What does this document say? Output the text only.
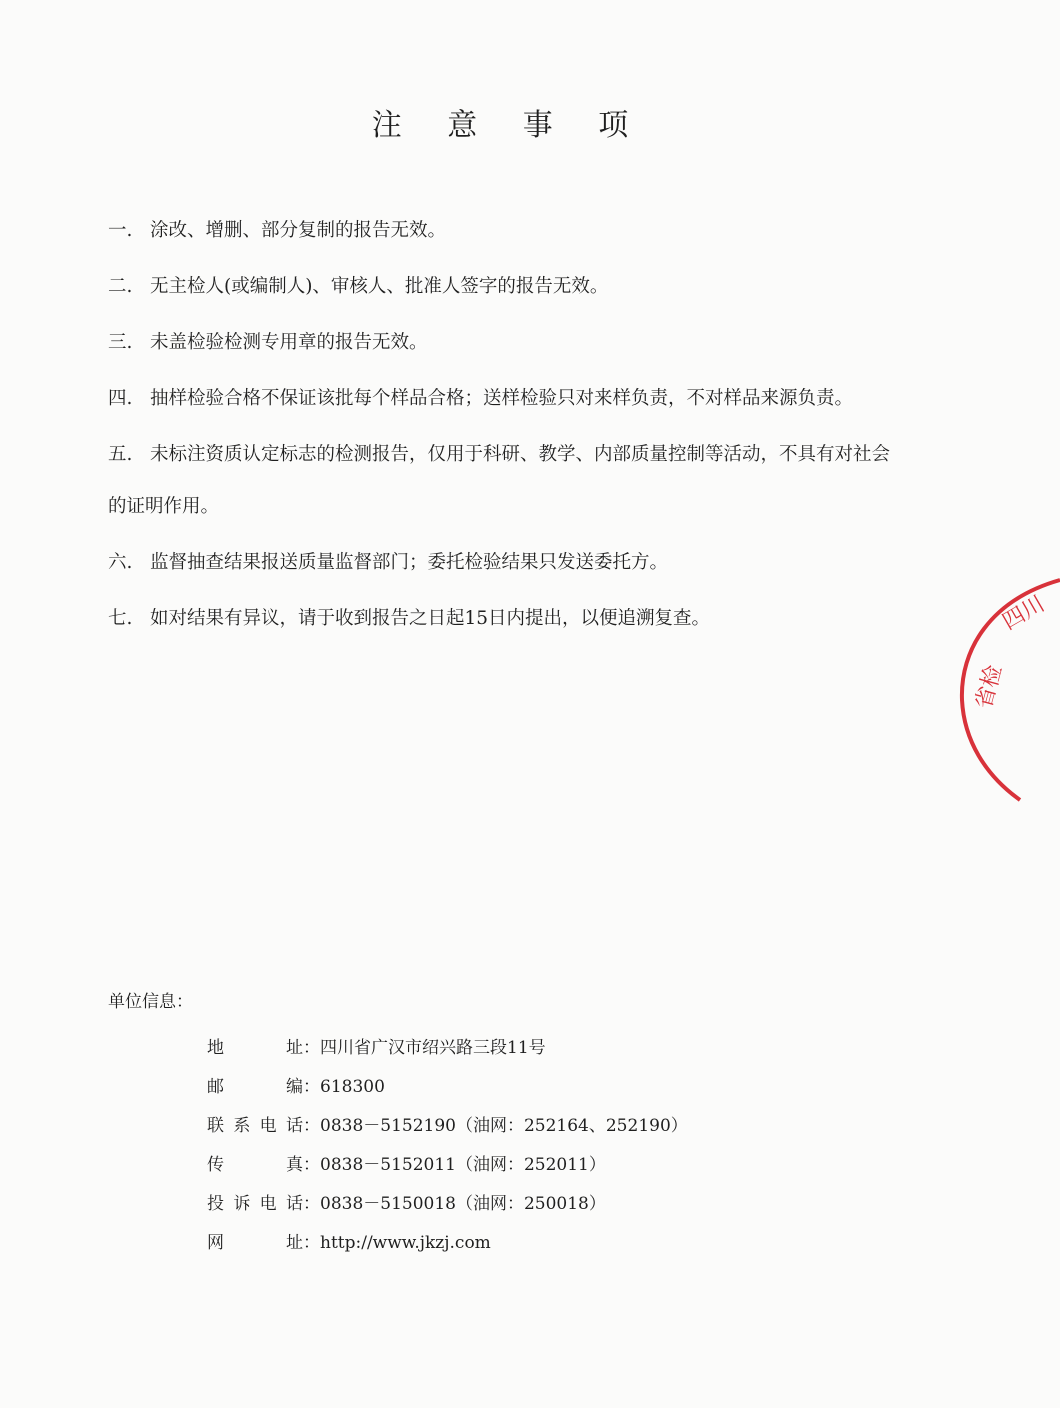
注 意 事 项
一. 涂改、增删、部分复制的报告无效。
二. 无主检人(或编制人)、审核人、批准人签字的报告无效。
三. 未盖检验检测专用章的报告无效。
四. 抽样检验合格不保证该批每个样品合格；送样检验只对来样负责，不对样品来源负责。
五. 未标注资质认定标志的检测报告，仅用于科研、教学、内部质量控制等活动，不具有对社会的证明作用。
六. 监督抽查结果报送质量监督部门；委托检验结果只发送委托方。
七. 如对结果有异议，请于收到报告之日起15日内提出，以便追溯复查。
单位信息：
地　　址 ：四川省广汉市绍兴路三段11号
邮　　编 ：618300
联系电话 ：0838－5152190（油网：252164、252190）
传　　真 ：0838－5152011（油网：252011）
投诉电话 ：0838－5150018（油网：250018）
网　　址 ：http://www.jkzj.com
四川
省检
